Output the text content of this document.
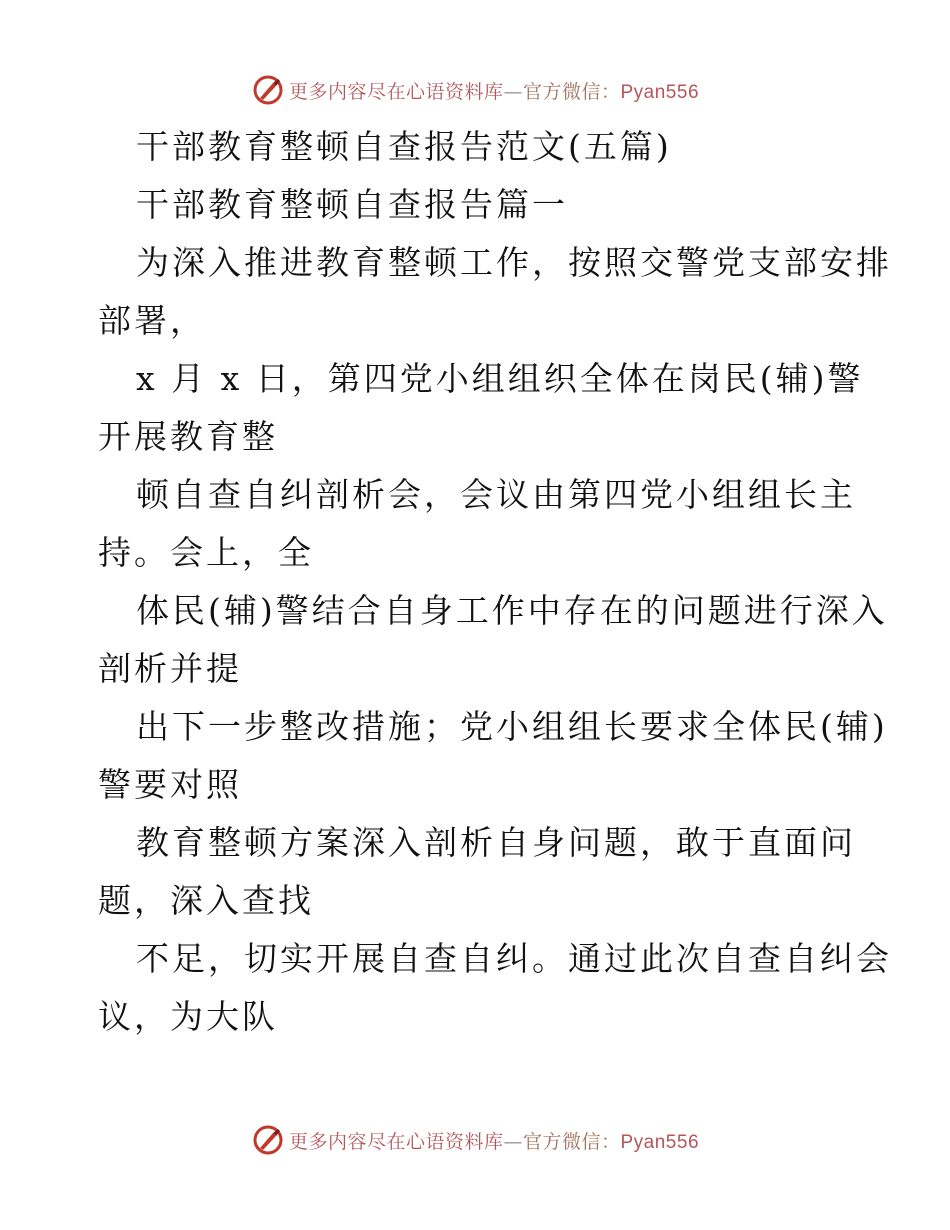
更多内容尽在心语资料库—官方微信：Pyan556
干部教育整顿自查报告范文(五篇)
干部教育整顿自查报告篇一
为深入推进教育整顿工作，按照交警党支部安排
部署，
x 月 x 日，第四党小组组织全体在岗民(辅)警
开展教育整
顿自查自纠剖析会，会议由第四党小组组长主
持。会上，全
体民(辅)警结合自身工作中存在的问题进行深入
剖析并提
出下一步整改措施；党小组组长要求全体民(辅)
警要对照
教育整顿方案深入剖析自身问题，敢于直面问
题，深入查找
不足，切实开展自查自纠。通过此次自查自纠会
议，为大队
更多内容尽在心语资料库—官方微信：Pyan556
